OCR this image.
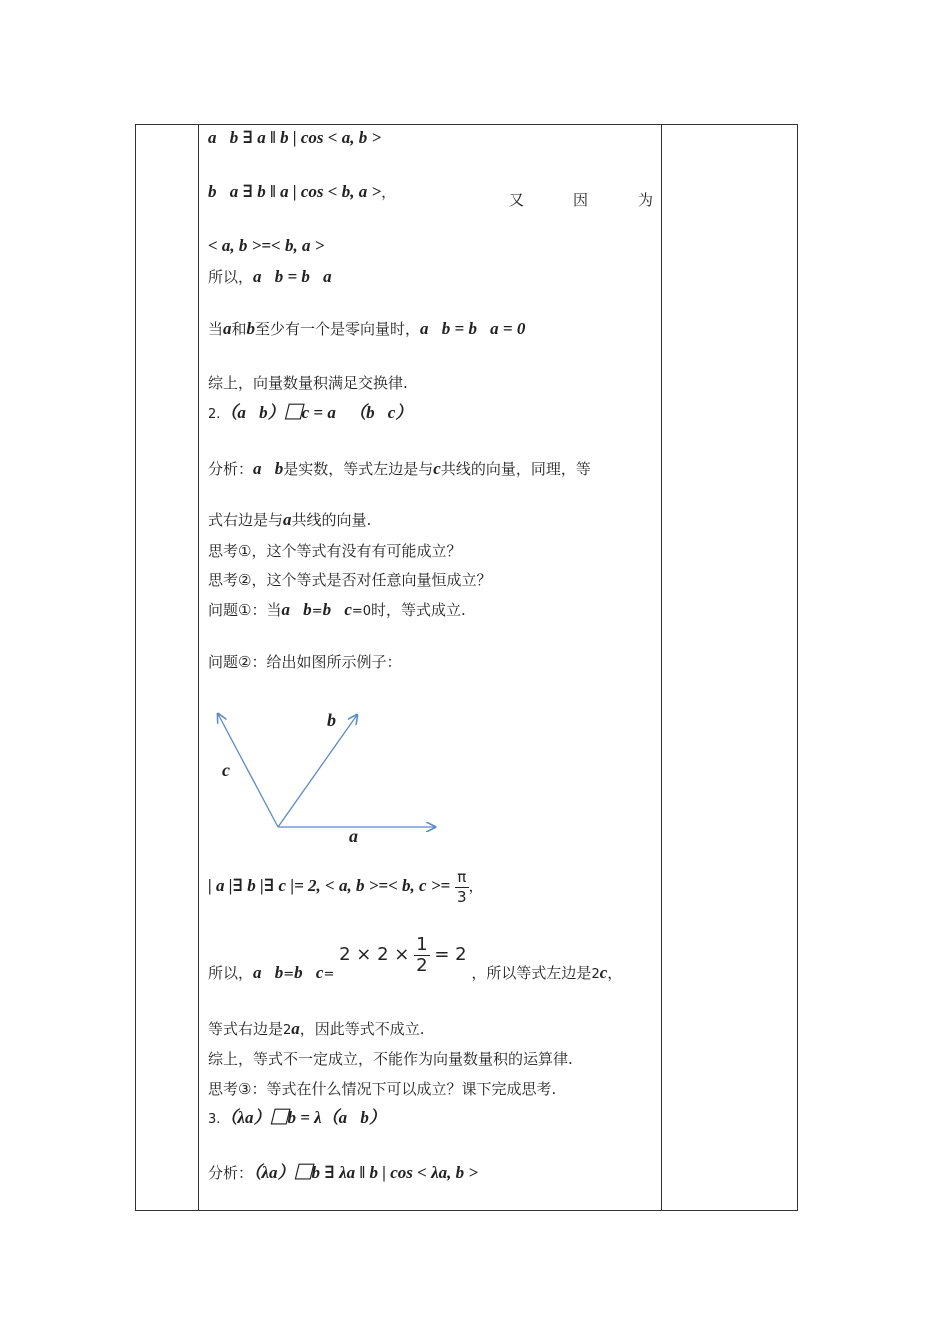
a⃞b ∃ a ‖ b | cos < a, b >
b⃞a ∃ b ‖ a | cos < b, a >，	又	因	为
< a, b >=< b, a >
所以，a⃞b = b⃞a
当a和b至少有一个是零向量时，a⃞b = b⃞a = 0
综上，向量数量积满足交换律.
2.（a⃞b）⃞c = a⃞（b⃞c）
分析：a⃞b是实数，等式左边是与c共线的向量，同理，等
式右边是与a共线的向量.
思考①，这个等式有没有有可能成立？
思考②，这个等式是否对任意向量恒成立？
问题①：当a⃞b=b⃞c=0时，等式成立.
问题②：给出如图所示例子：
b
c
a
| a |∃ b |∃ c |= 2, < a, b >=< b, $c >= \frac{\pi}{3}$ ，
所以，a⃞b=b⃞c= $2 \times 2 \times \frac{1}{2} = 2$ ，所以等式左边是2c，
等式右边是2a，因此等式不成立.
综上，等式不一定成立，不能作为向量数量积的运算律.
思考③：等式在什么情况下可以成立？课下完成思考.
3.（λa）⃞b = λ（a⃞b）
分析：（λa）⃞b ∃ λa ‖ b | cos < λa, b >
